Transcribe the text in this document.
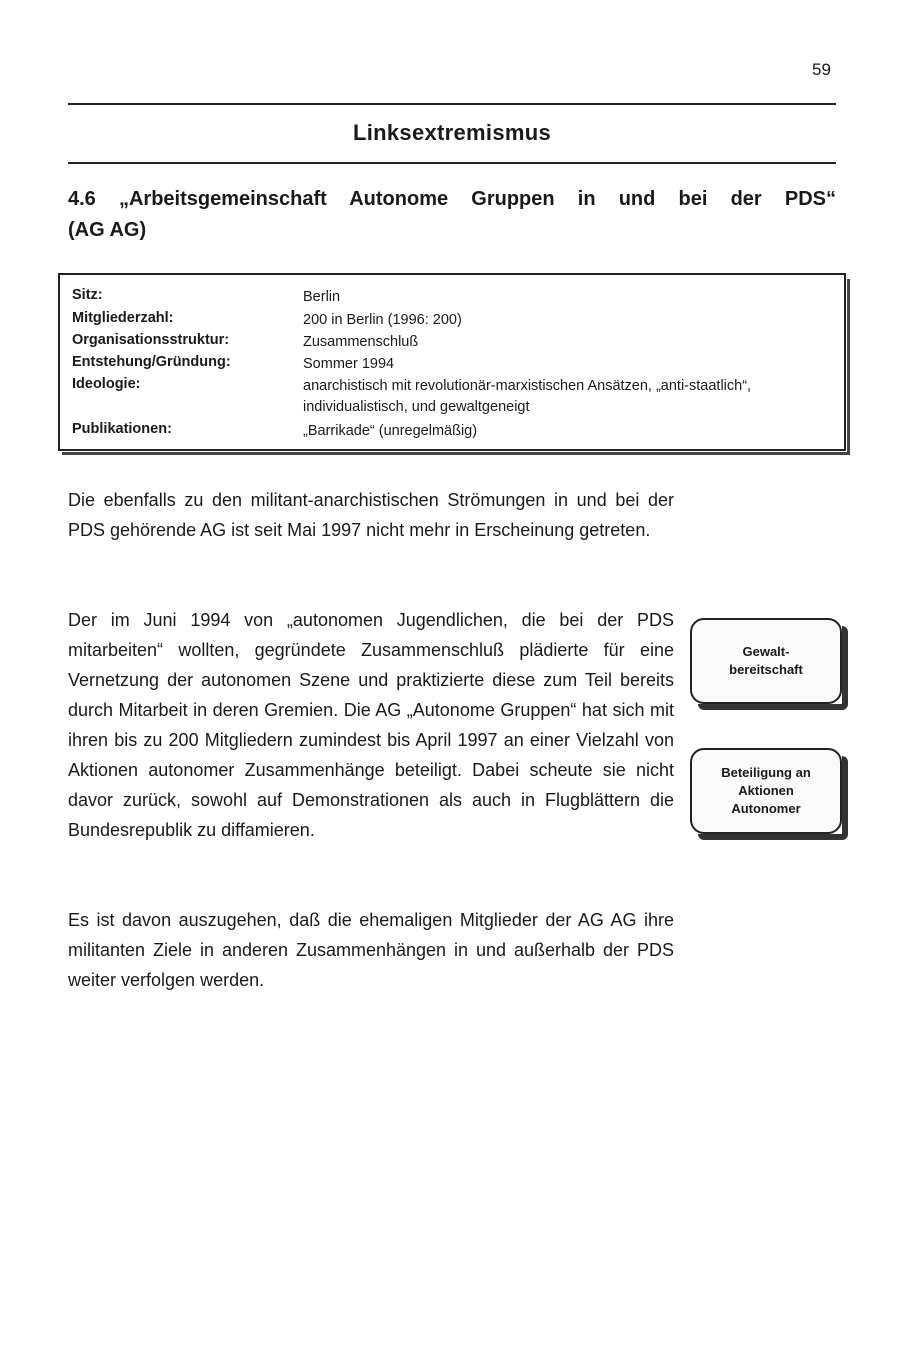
59
Linksextremismus
4.6 „Arbeitsgemeinschaft Autonome Gruppen in und bei der PDS“
(AG AG)
Sitz:	Berlin
Mitgliederzahl:	200 in Berlin (1996: 200)
Organisationsstruktur:	Zusammenschluß
Entstehung/Gründung:	Sommer 1994
Ideologie:	anarchistisch mit revolutionär-marxistischen Ansätzen, „anti-staatlich“, individualistisch, und gewaltgeneigt
Publikationen:	„Barrikade“ (unregelmäßig)

Die ebenfalls zu den militant-anarchistischen Strömungen in und bei der PDS gehörende AG ist seit Mai 1997 nicht mehr in Erscheinung getreten.

Der im Juni 1994 von „autonomen Jugendlichen, die bei der PDS mitarbeiten“ wollten, gegründete Zusammenschluß plädierte für eine Vernetzung der autonomen Szene und praktizierte diese zum Teil bereits durch Mitarbeit in deren Gremien. Die AG „Autonome Gruppen“ hat sich mit ihren bis zu 200 Mitgliedern zumindest bis April 1997 an einer Vielzahl von Aktionen autonomer Zusammenhänge beteiligt. Dabei scheute sie nicht davor zurück, sowohl auf Demonstrationen als auch in Flugblättern die Bundesrepublik zu diffamieren.

Es ist davon auszugehen, daß die ehemaligen Mitglieder der AG AG ihre militanten Ziele in anderen Zusammenhängen in und außerhalb der PDS weiter verfolgen werden.

Gewalt-
bereitschaft
Beteiligung an
Aktionen
Autonomer
